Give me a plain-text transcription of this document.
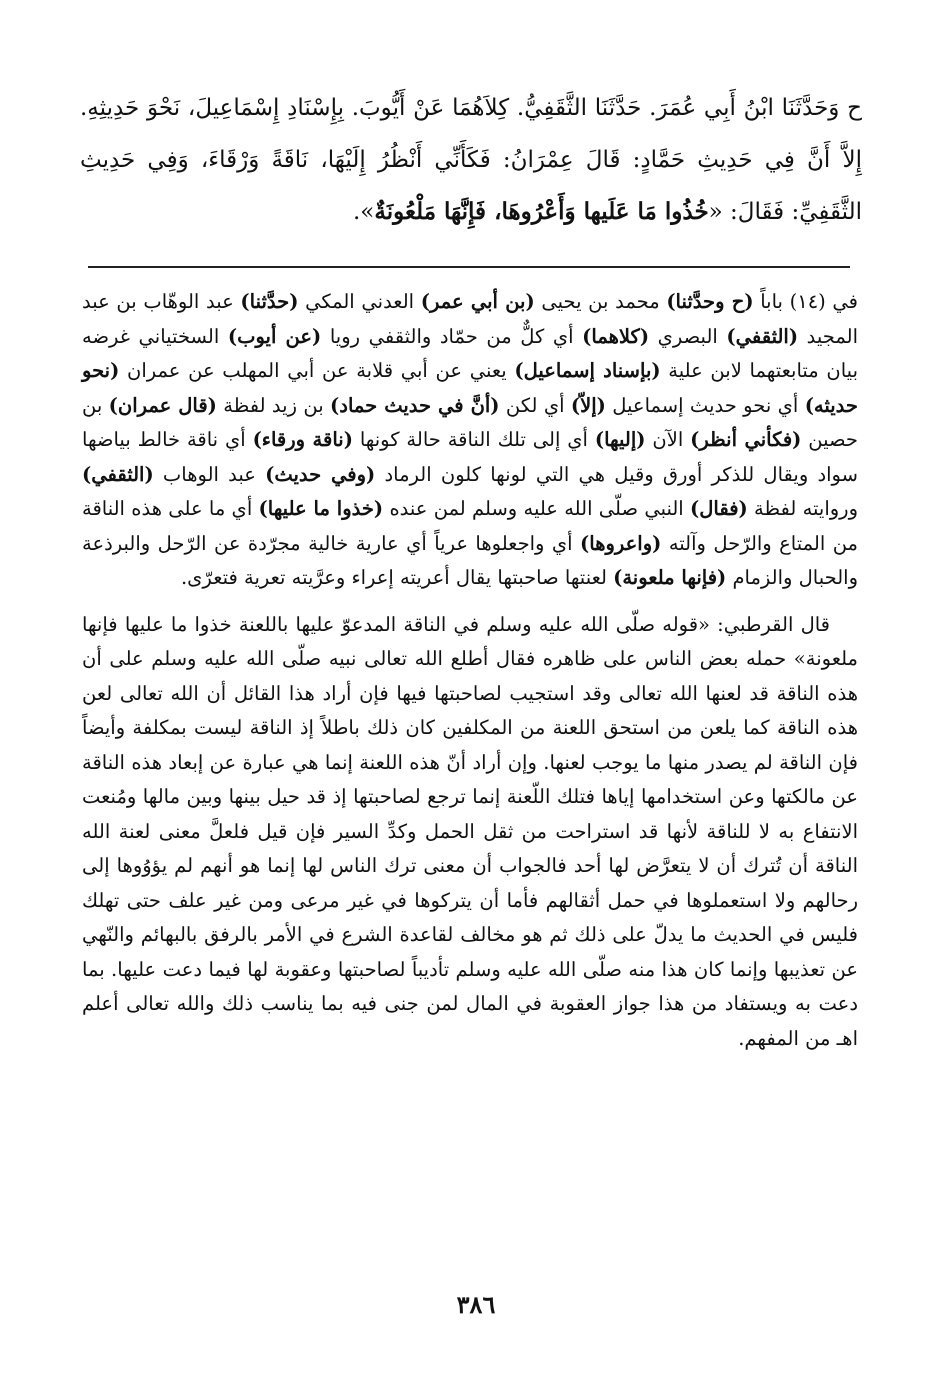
ح وَحَدَّثَنَا ابْنُ أَبِي عُمَرَ. حَدَّثَنَا الثَّقَفِيُّ. كِلاَهُمَا عَنْ أَيُّوبَ. بِإِسْنَادِ إِسْمَاعِيلَ، نَحْوَ حَدِيثِهِ. إِلاَّ أَنَّ فِي حَدِيثِ حَمَّادٍ: قَالَ عِمْرَانُ: فَكَأَنِّي أَنْظُرُ إِلَيْهَا، نَاقَةً وَرْقَاءَ، وَفِي حَدِيثِ الثَّقَفِيِّ: فَقَالَ: «خُذُوا مَا عَلَيها وَأَعْرُوهَا، فَإِنَّهَا مَلْعُونَةٌ».

في (١٤) باباً (ح وحدَّثنا) محمد بن يحيى (بن أبي عمر) العدني المكي (حدَّثنا) عبد الوهّاب بن عبد المجيد (الثقفي) البصري (كلاهما) أي كلٌّ من حمّاد والثقفي رويا (عن أيوب) السختياني غرضه بيان متابعتهما لابن علية (بإسناد إسماعيل) يعني عن أبي قلابة عن أبي المهلب عن عمران (نحو حديثه) أي نحو حديث إسماعيل (إلاّ) أي لكن (أنَّ في حديث حماد) بن زيد لفظة (قال عمران) بن حصين (فكأني أنظر) الآن (إليها) أي إلى تلك الناقة حالة كونها (ناقة ورقاء) أي ناقة خالط بياضها سواد ويقال للذكر أورق وقيل هي التي لونها كلون الرماد (وفي حديث) عبد الوهاب (الثقفي) وروايته لفظة (فقال) النبي صلّى الله عليه وسلم لمن عنده (خذوا ما عليها) أي ما على هذه الناقة من المتاع والرّحل وآلته (واعروها) أي واجعلوها عرياً أي عارية خالية مجرّدة عن الرّحل والبرذعة والحبال والزمام (فإنها ملعونة) لعنتها صاحبتها يقال أعريته إعراء وعرَّيته تعرية فتعرّى.

قال القرطبي: «قوله صلّى الله عليه وسلم في الناقة المدعوّ عليها باللعنة خذوا ما عليها فإنها ملعونة» حمله بعض الناس على ظاهره فقال أطلع الله تعالى نبيه صلّى الله عليه وسلم على أن هذه الناقة قد لعنها الله تعالى وقد استجيب لصاحبتها فيها فإن أراد هذا القائل أن الله تعالى لعن هذه الناقة كما يلعن من استحق اللعنة من المكلفين كان ذلك باطلاً إذ الناقة ليست بمكلفة وأيضاً فإن الناقة لم يصدر منها ما يوجب لعنها. وإن أراد أنّ هذه اللعنة إنما هي عبارة عن إبعاد هذه الناقة عن مالكتها وعن استخدامها إياها فتلك اللّعنة إنما ترجع لصاحبتها إذ قد حيل بينها وبين مالها ومُنعت الانتفاع به لا للناقة لأنها قد استراحت من ثقل الحمل وكدِّ السير فإن قيل فلعلَّ معنى لعنة الله الناقة أن تُترك أن لا يتعرَّض لها أحد فالجواب أن معنى ترك الناس لها إنما هو أنهم لم يؤوُوها إلى رحالهم ولا استعملوها في حمل أثقالهم فأما أن يتركوها في غير مرعى ومن غير علف حتى تهلك فليس في الحديث ما يدلّ على ذلك ثم هو مخالف لقاعدة الشرع في الأمر بالرفق بالبهائم والنّهي عن تعذيبها وإنما كان هذا منه صلّى الله عليه وسلم تأديباً لصاحبتها وعقوبة لها فيما دعت عليها. بما دعت به ويستفاد من هذا جواز العقوبة في المال لمن جنى فيه بما يناسب ذلك والله تعالى أعلم اهـ من المفهم.

٣٨٦
